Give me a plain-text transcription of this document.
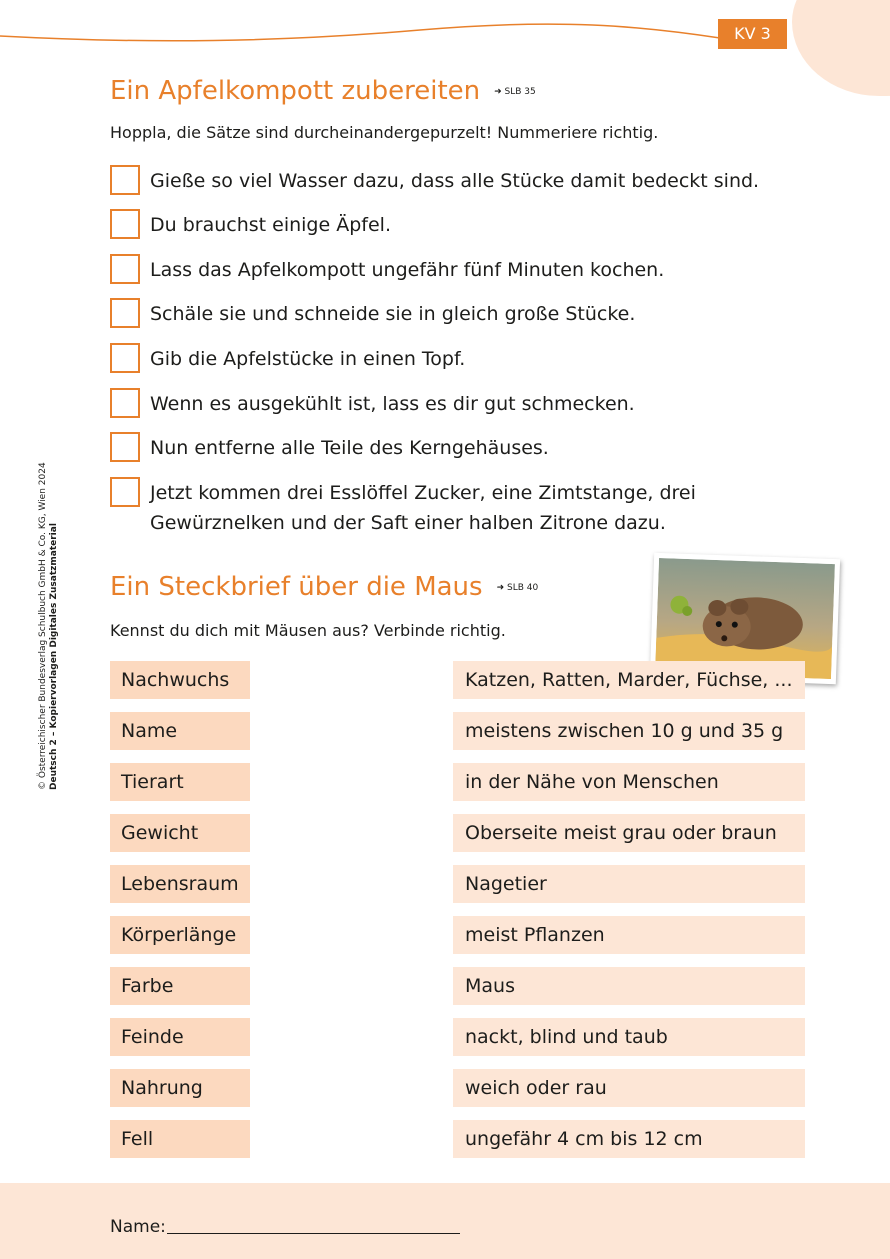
KV 3
© Österreichischer Bundesverlag Schulbuch GmbH & Co. KG, Wien 2024 Deutsch 2 – Kopiervorlagen Digitales Zusatzmaterial
Ein Apfelkompott zubereiten ➜ SLB 35
Hoppla, die Sätze sind durcheinandergepurzelt! Nummeriere richtig.
Gieße so viel Wasser dazu, dass alle Stücke damit bedeckt sind.
Du brauchst einige Äpfel.
Lass das Apfelkompott ungefähr fünf Minuten kochen.
Schäle sie und schneide sie in gleich große Stücke.
Gib die Apfelstücke in einen Topf.
Wenn es ausgekühlt ist, lass es dir gut schmecken.
Nun entferne alle Teile des Kerngehäuses.
Jetzt kommen drei Esslöffel Zucker, eine Zimtstange, drei
Gewürznelken und der Saft einer halben Zitrone dazu.
Ein Steckbrief über die Maus ➜ SLB 40
Kennst du dich mit Mäusen aus? Verbinde richtig.
Nachwuchs
Name
Tierart
Gewicht
Lebensraum
Körperlänge
Farbe
Feinde
Nahrung
Fell
Katzen, Ratten, Marder, Füchse, ...
meistens zwischen 10 g und 35 g
in der Nähe von Menschen
Oberseite meist grau oder braun
Nagetier
meist Pflanzen
Maus
nackt, blind und taub
weich oder rau
ungefähr 4 cm bis 12 cm
Name:
